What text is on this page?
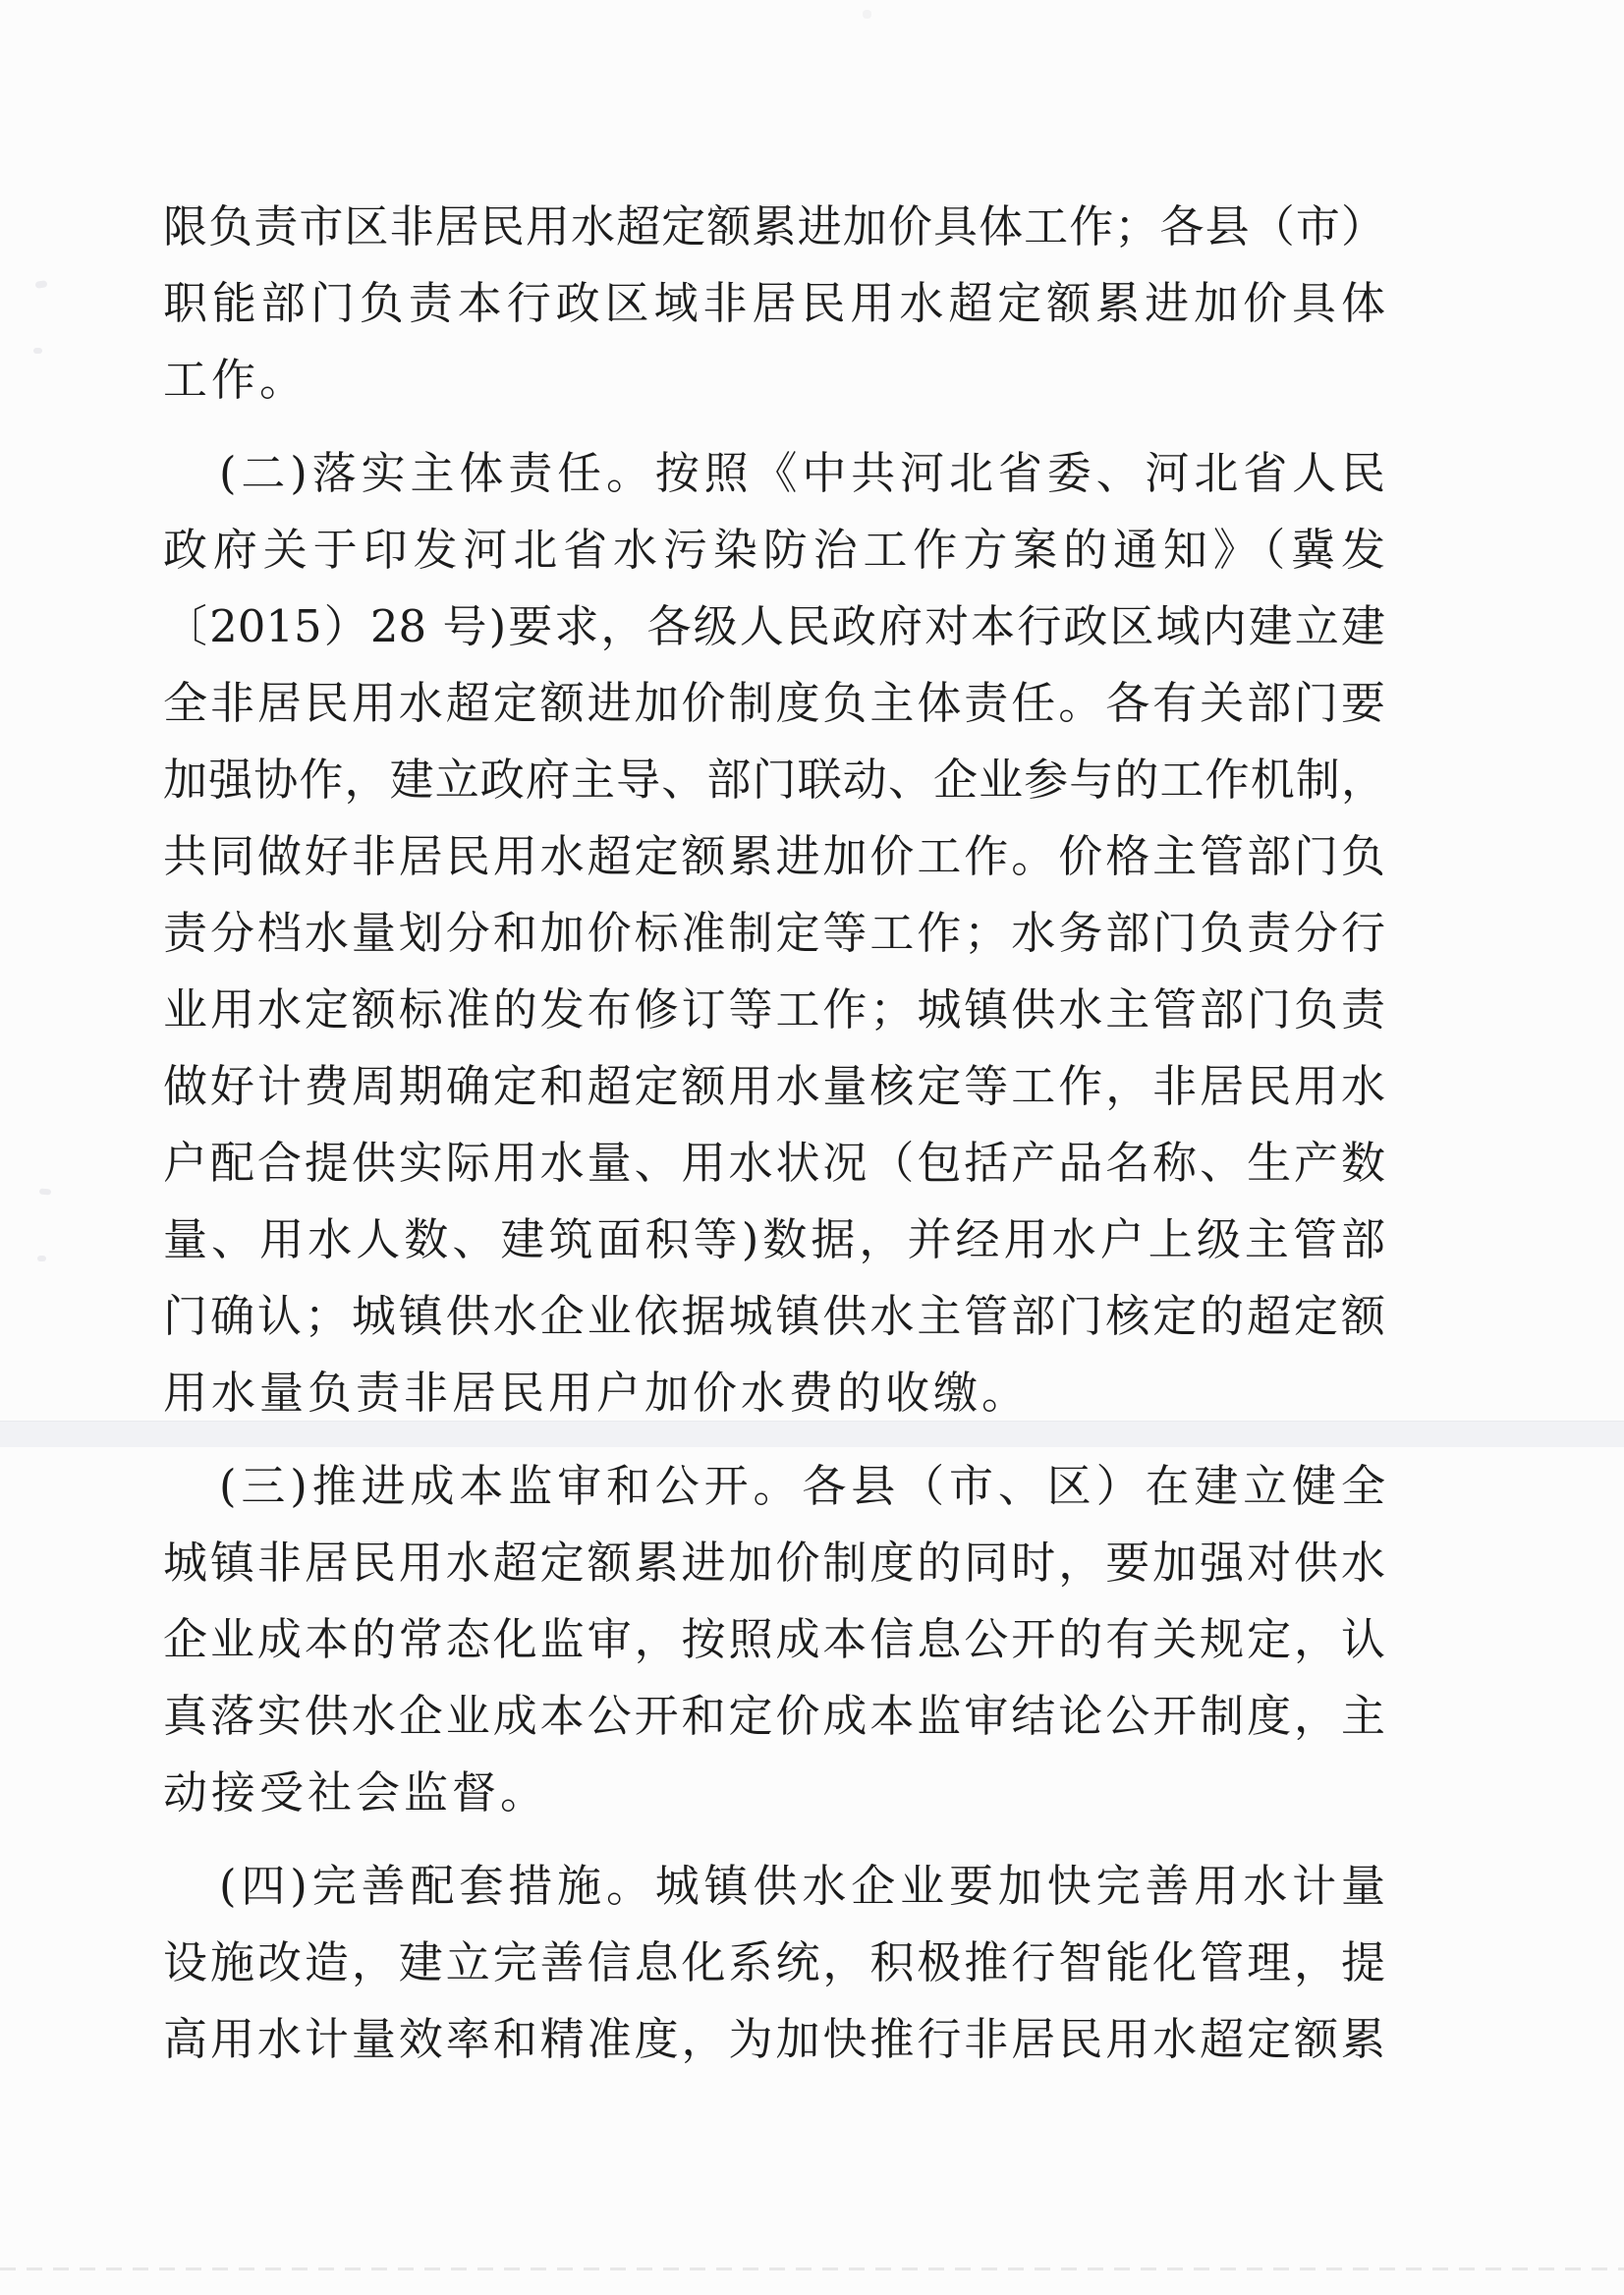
限负责市区非居民用水超定额累进加价具体工作；各县（市）
职能部门负责本行政区域非居民用水超定额累进加价具体
工作。
(二)落实主体责任。按照《中共河北省委、河北省人民
政府关于印发河北省水污染防治工作方案的通知》（冀发
〔2015）28 号)要求，各级人民政府对本行政区域内建立建
全非居民用水超定额进加价制度负主体责任。各有关部门要
加强协作，建立政府主导、部门联动、企业参与的工作机制，
共同做好非居民用水超定额累进加价工作。价格主管部门负
责分档水量划分和加价标准制定等工作；水务部门负责分行
业用水定额标准的发布修订等工作；城镇供水主管部门负责
做好计费周期确定和超定额用水量核定等工作，非居民用水
户配合提供实际用水量、用水状况（包括产品名称、生产数
量、用水人数、建筑面积等)数据，并经用水户上级主管部
门确认；城镇供水企业依据城镇供水主管部门核定的超定额
用水量负责非居民用户加价水费的收缴。
(三)推进成本监审和公开。各县（市、区）在建立健全
城镇非居民用水超定额累进加价制度的同时，要加强对供水
企业成本的常态化监审，按照成本信息公开的有关规定，认
真落实供水企业成本公开和定价成本监审结论公开制度，主
动接受社会监督。
(四)完善配套措施。城镇供水企业要加快完善用水计量
设施改造，建立完善信息化系统，积极推行智能化管理，提
高用水计量效率和精准度，为加快推行非居民用水超定额累
